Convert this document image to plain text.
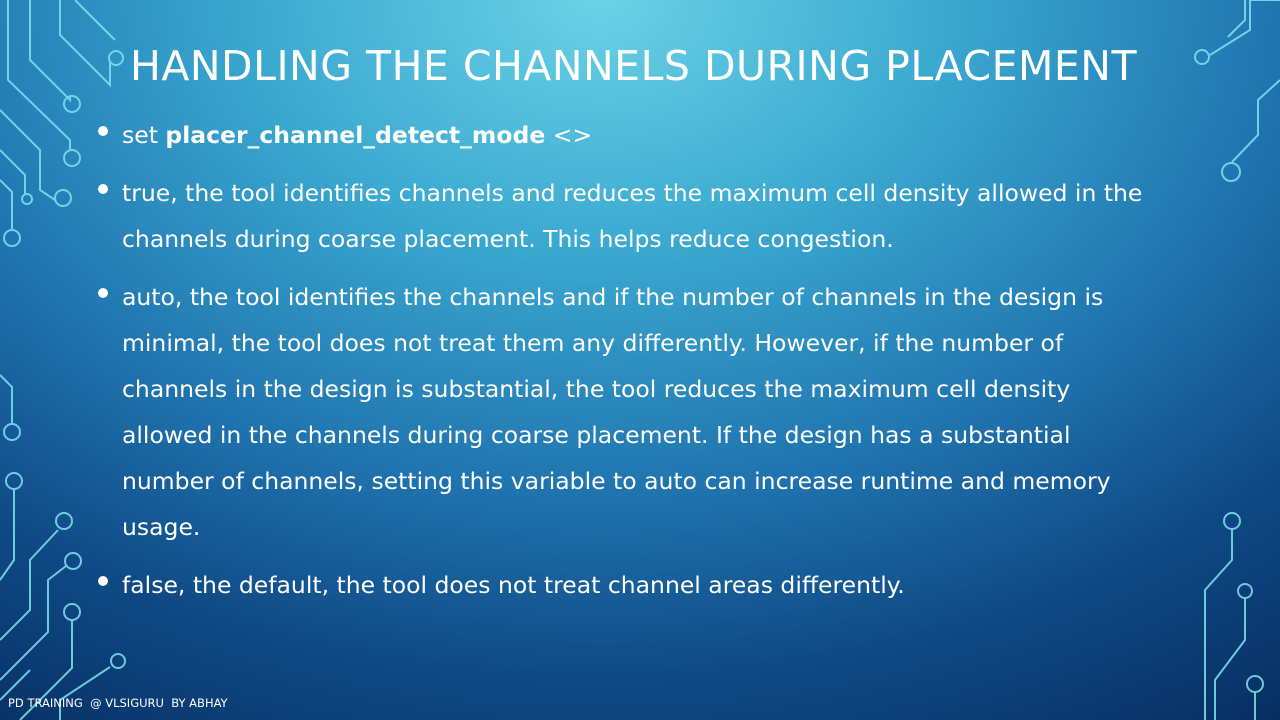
HANDLING THE CHANNELS DURING PLACEMENT
set placer_channel_detect_mode <>
true, the tool identifies channels and reduces the maximum cell density allowed in the channels during coarse placement. This helps reduce congestion.
auto, the tool identifies the channels and if the number of channels in the design is minimal, the tool does not treat them any differently. However, if the number of channels in the design is substantial, the tool reduces the maximum cell density allowed in the channels during coarse placement. If the design has a substantial number of channels, setting this variable to auto can increase runtime and memory usage.
false, the default, the tool does not treat channel areas differently.
PD TRAINING  @ VLSIGURU  BY ABHAY
